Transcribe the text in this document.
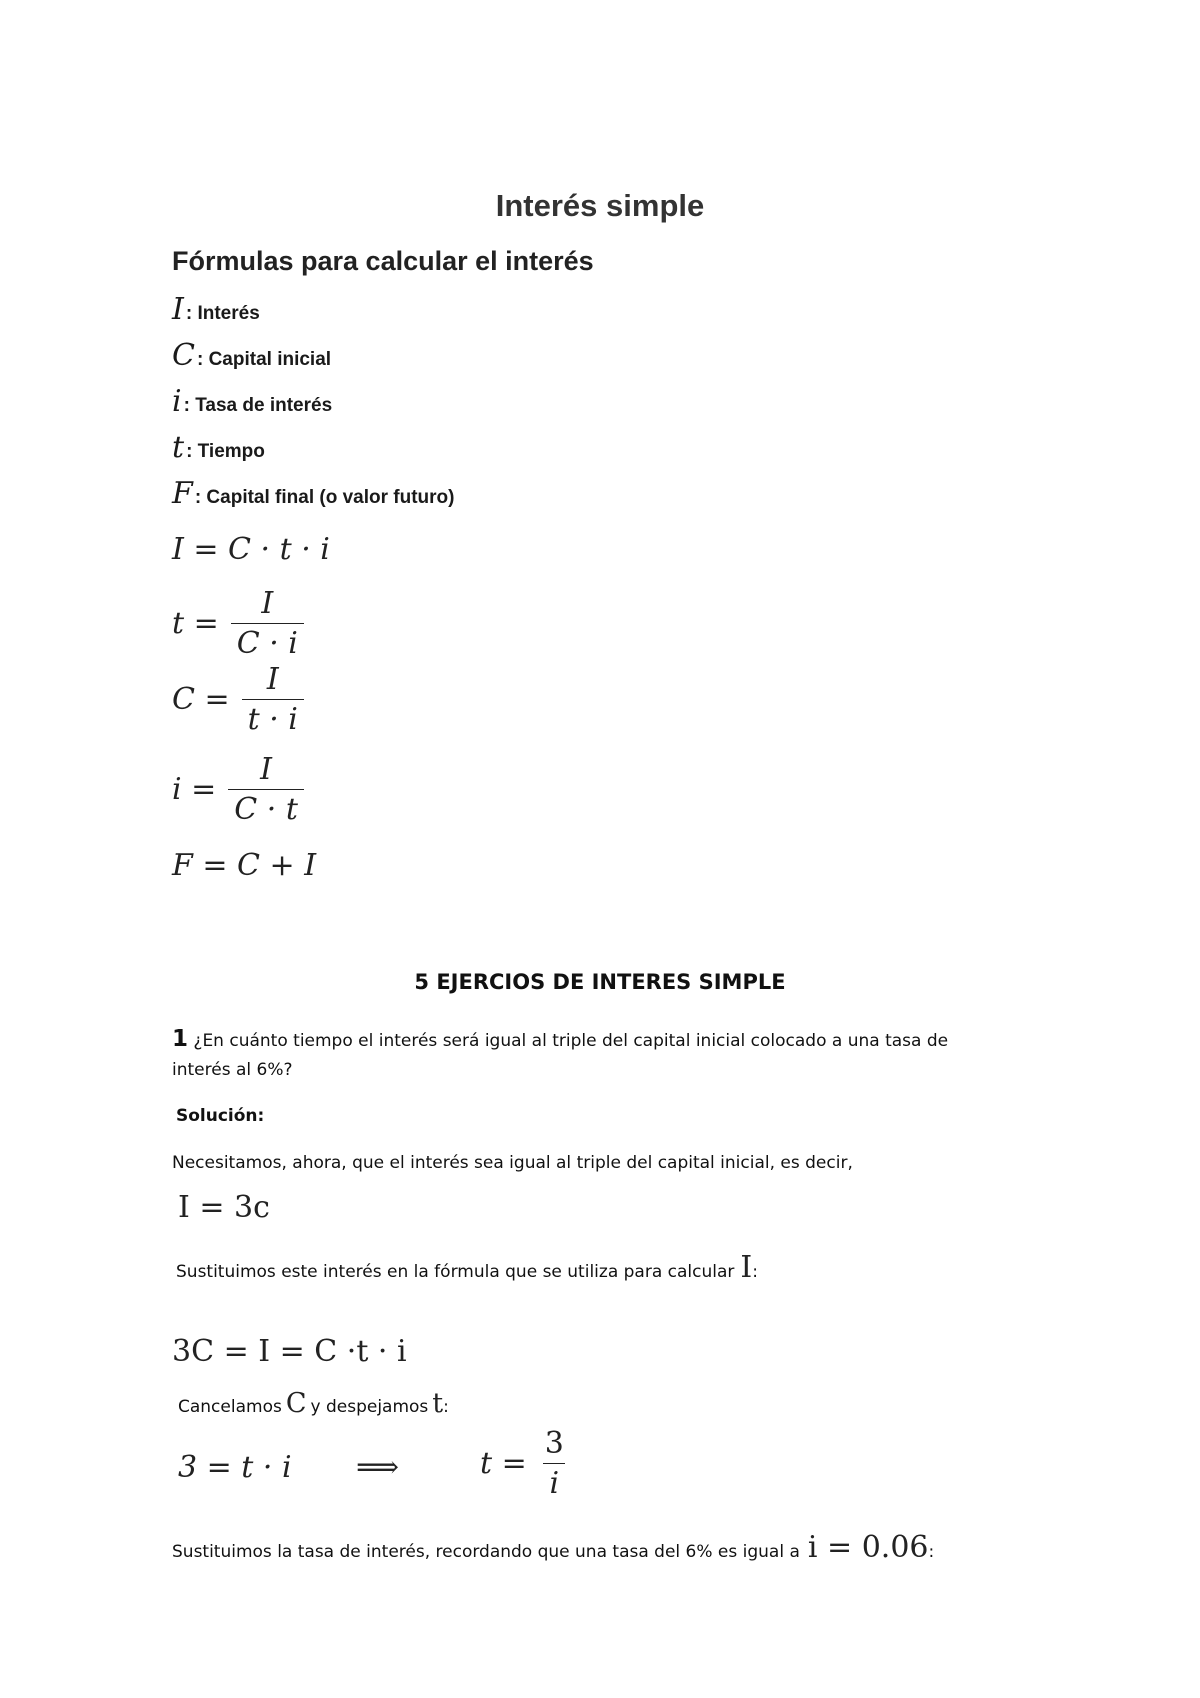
Interés simple
Fórmulas para calcular el interés
I : Interés
C : Capital inicial
i : Tasa de interés
t : Tiempo
F : Capital final (o valor futuro)
I = C · t · i
$t = \frac{I}{C \cdot i}$
$C = \frac{I}{t \cdot i}$
$i = \frac{I}{C \cdot t}$
F = C + I
5 EJERCIOS DE INTERES SIMPLE
1 ¿En cuánto tiempo el interés será igual al triple del capital inicial colocado a una tasa de
interés al 6%?
Solución:
Necesitamos, ahora, que el interés sea igual al triple del capital inicial, es decir,
I = 3c
Sustituimos este interés en la fórmula que se utiliza para calcular I :
3C = I = C ·t · i
Cancelamos C y despejamos t :
3 = t · i ⟹	$t = \frac{3}{i}$
Sustituimos la tasa de interés, recordando que una tasa del 6% es igual a i = 0.06 :
